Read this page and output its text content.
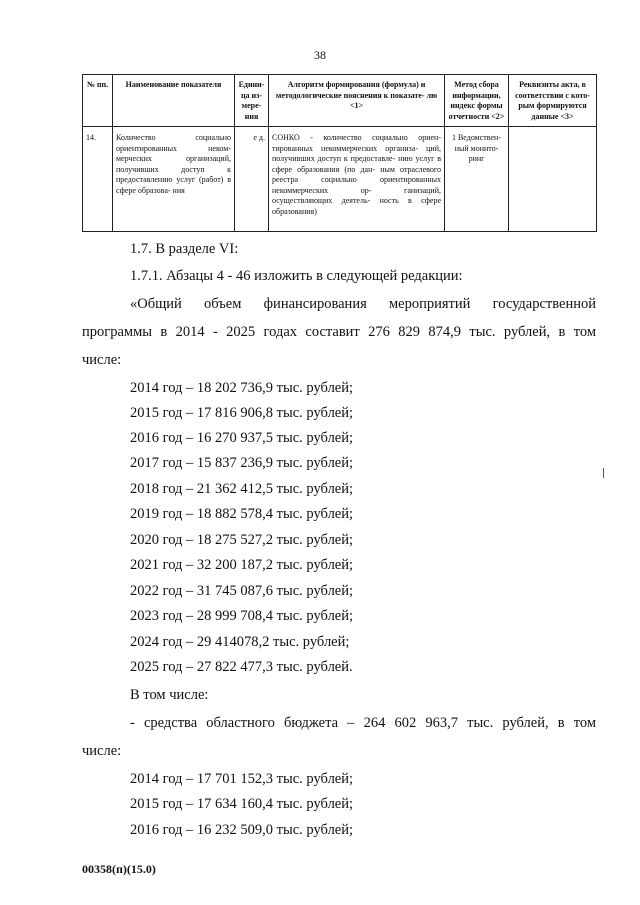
38
№ пп.	Наименование показателя	Едини- ца из- мере- ния	Алгоритм формирования (формула) и методологические пояснения к показате- лю <1>	Метод сбора информации, индекс формы отчетности <2>	Реквизиты акта, в соответствии с кото- рым формируются данные <3>
14.	Количество социально ориентированных неком- мерческих организаций, получивших доступ к предоставлению услуг (работ) в сфере образова- ния	е д.	СОНКО - количество социально ориен- тированных некоммерческих организа- ций, получивших доступ к предоставле- нию услуг в сфере образования (по дан- ным отраслевого реестра социально ориентированных некоммерческих ор- ганизаций, осуществляющих деятель- ность в сфере образования)	1 Ведомствен- ный монито- ринг	
1.7. В разделе VI:
1.7.1. Абзацы 4 - 46 изложить в следующей редакции:
«Общий объем финансирования мероприятий государственной
программы в 2014 - 2025 годах составит 276 829 874,9 тыс. рублей, в том
числе:
2014 год – 18 202 736,9 тыс. рублей;
2015 год – 17 816 906,8 тыс. рублей;
2016 год – 16 270 937,5 тыс. рублей;
2017 год – 15 837 236,9 тыс. рублей;
2018 год – 21 362 412,5 тыс. рублей;
2019 год – 18 882 578,4 тыс. рублей;
2020 год – 18 275 527,2 тыс. рублей;
2021 год – 32 200 187,2 тыс. рублей;
2022 год – 31 745 087,6 тыс. рублей;
2023 год – 28 999 708,4 тыс. рублей;
2024 год – 29 414078,2 тыс. рублей;
2025 год – 27 822 477,3 тыс. рублей.
В том числе:
- средства областного бюджета – 264 602 963,7 тыс. рублей, в том
числе:
2014 год – 17 701 152,3 тыс. рублей;
2015 год – 17 634 160,4 тыс. рублей;
2016 год – 16 232 509,0 тыс. рублей;
00358(п)(15.0)
